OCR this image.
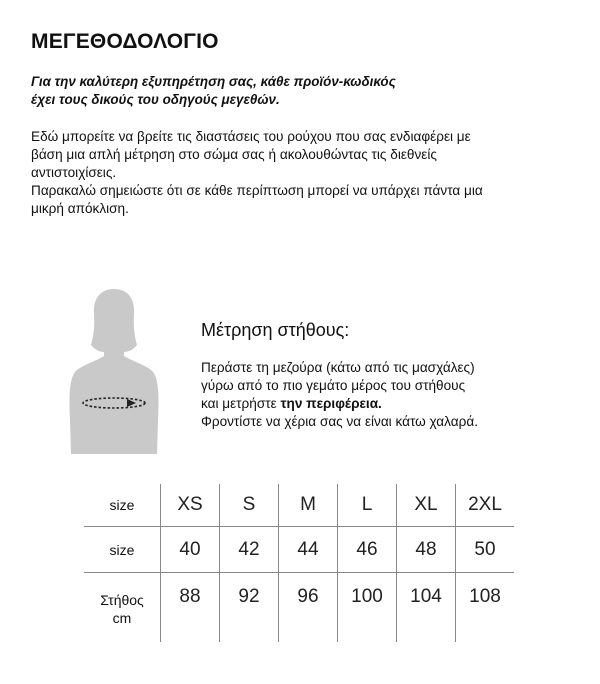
ΜΕΓΕΘΟΔΟΛΟΓΙΟ

Για την καλύτερη εξυπηρέτηση σας, κάθε προϊόν-κωδικός
έχει τους δικούς του οδηγούς μεγεθών.

Εδώ μπορείτε να βρείτε τις διαστάσεις του ρούχου που σας ενδιαφέρει με
βάση μια απλή μέτρηση στο σώμα σας ή ακολουθώντας τις διεθνείς
αντιστοιχίσεις.
Παρακαλώ σημειώστε ότι σε κάθε περίπτωση μπορεί να υπάρχει πάντα μια
μικρή απόκλιση.

Μέτρηση στήθους:

Περάστε τη μεζούρα (κάτω από τις μασχάλες)
γύρω από το πιο γεμάτο μέρος του στήθους
και μετρήστε την περιφέρεια.
Φροντίστε να χέρια σας να είναι κάτω χαλαρά.

size	XS	S	M	L	XL	2XL
size	40	42	44	46	48	50
Στήθος
cm	88	92	96	100	104	108
